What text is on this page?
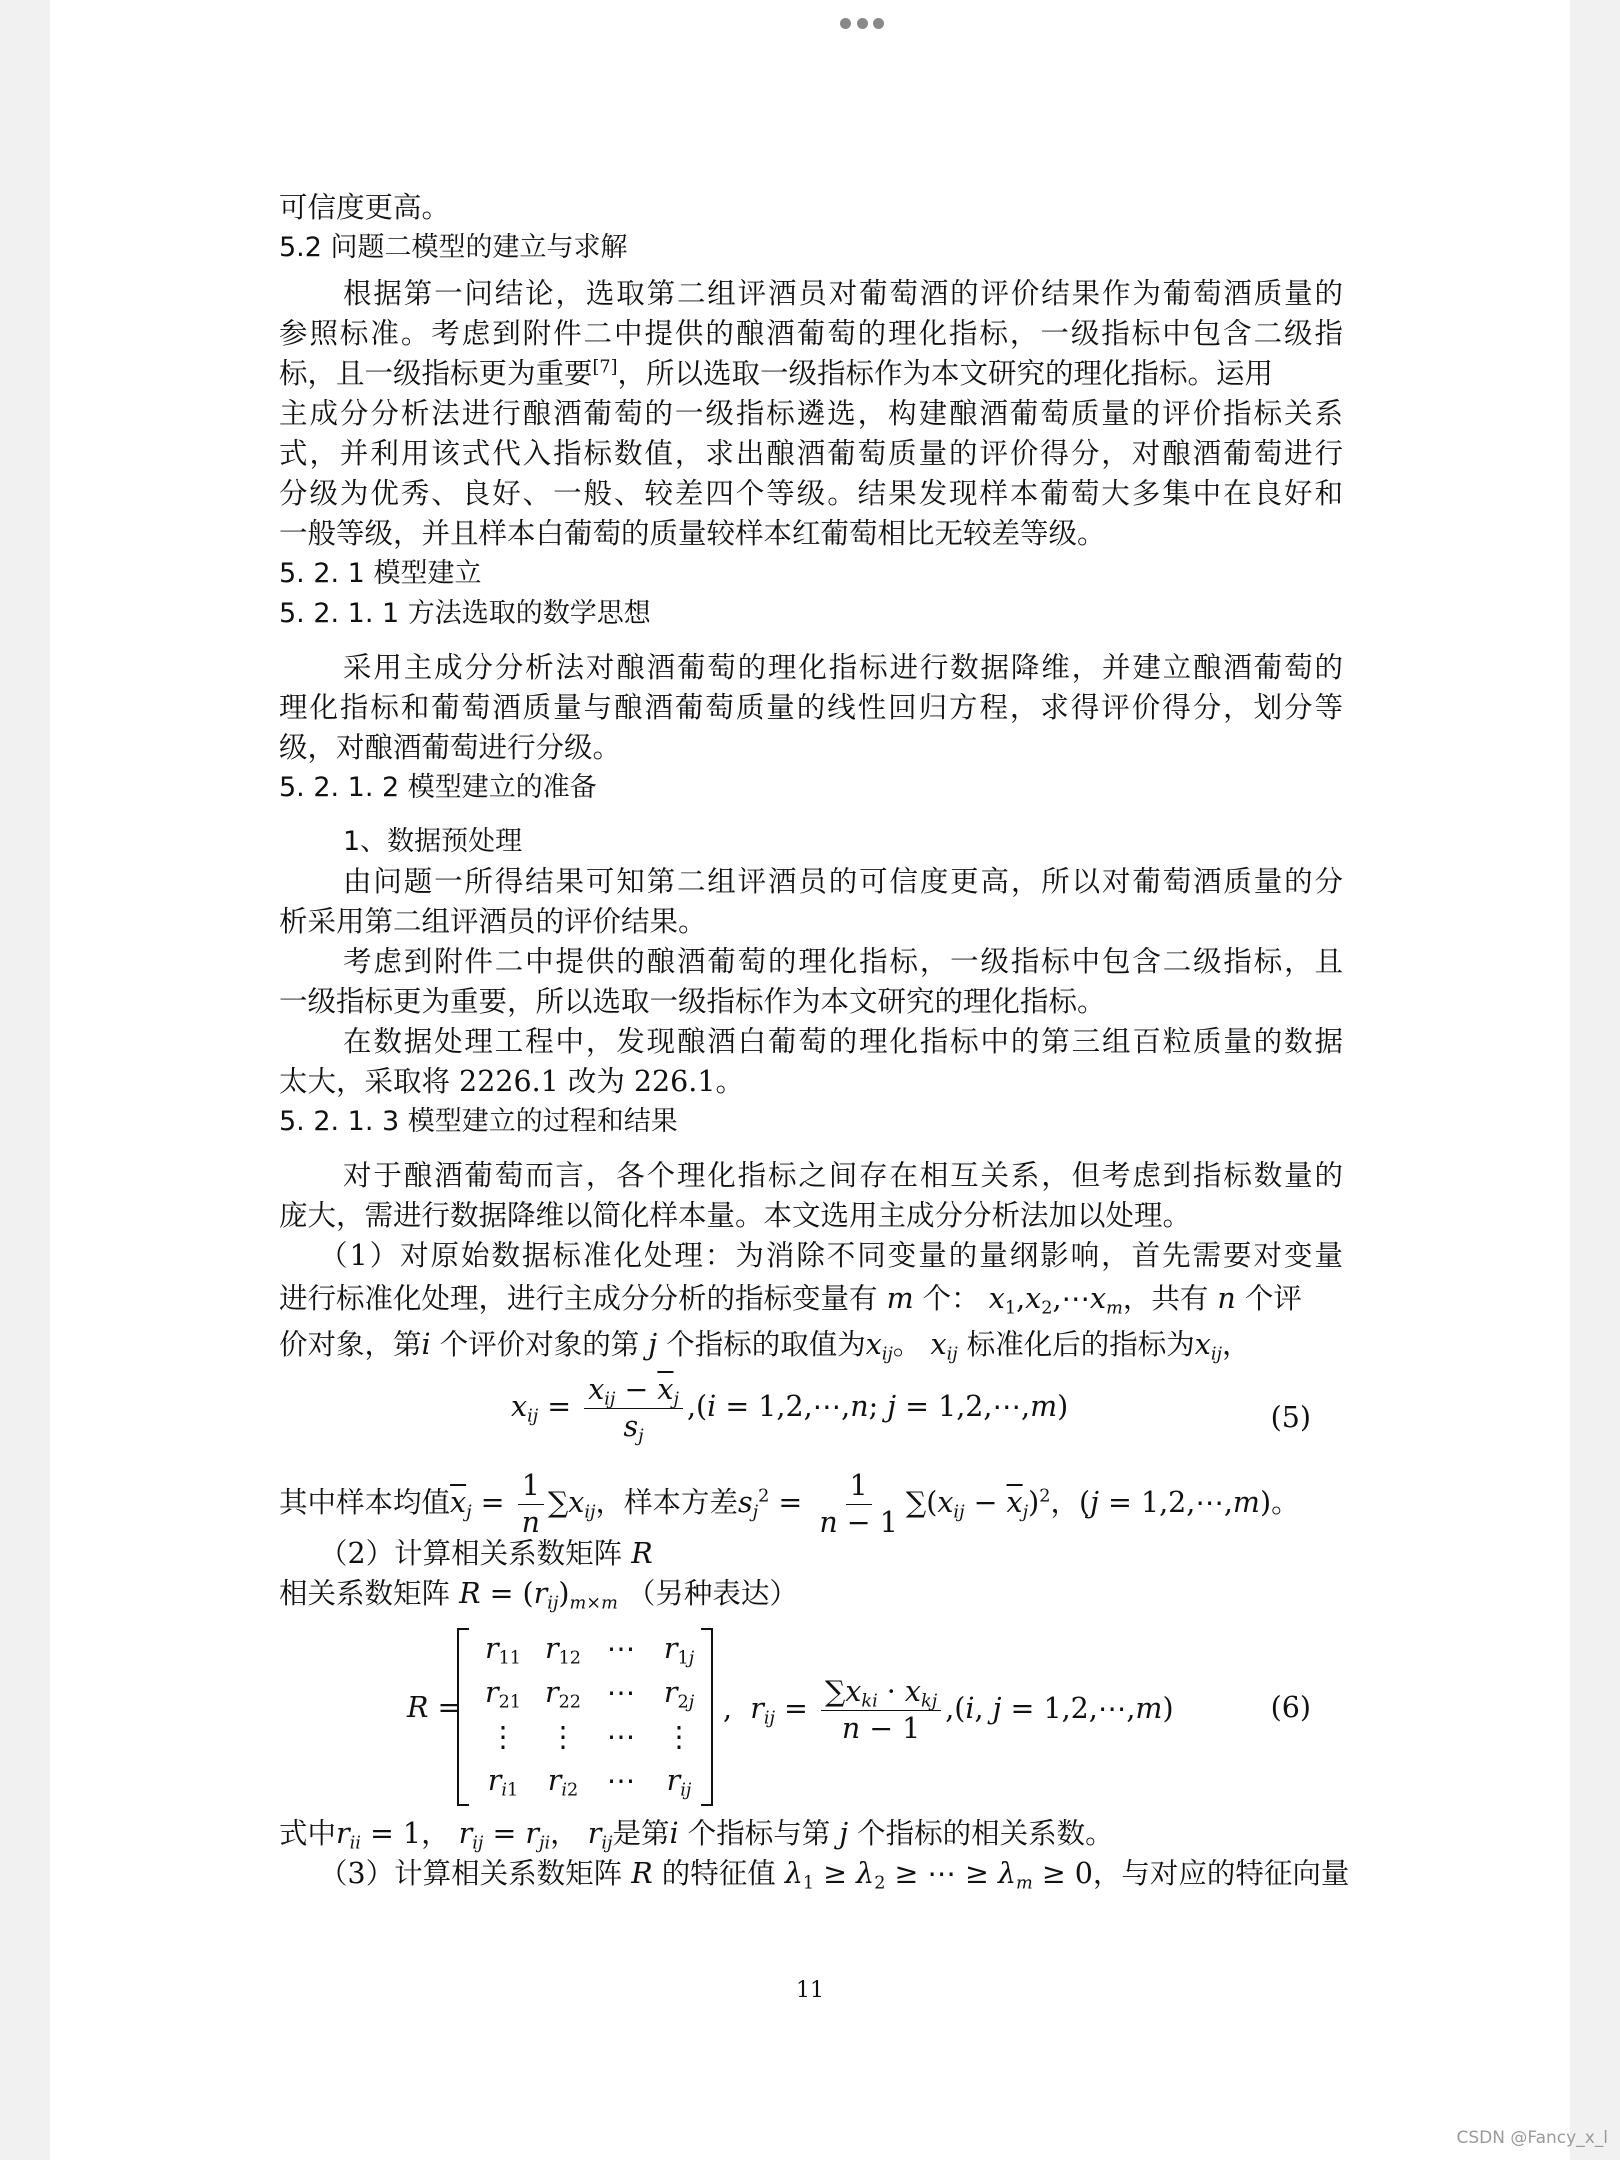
可信度更高。
5.2 问题二模型的建立与求解
根据第一问结论，选取第二组评酒员对葡萄酒的评价结果作为葡萄酒质量的
参照标准。考虑到附件二中提供的酿酒葡萄的理化指标，一级指标中包含二级指
标，且一级指标更为重要[7]，所以选取一级指标作为本文研究的理化指标。运用
主成分分析法进行酿酒葡萄的一级指标遴选，构建酿酒葡萄质量的评价指标关系
式，并利用该式代入指标数值，求出酿酒葡萄质量的评价得分，对酿酒葡萄进行
分级为优秀、良好、一般、较差四个等级。结果发现样本葡萄大多集中在良好和
一般等级，并且样本白葡萄的质量较样本红葡萄相比无较差等级。
5. 2. 1 模型建立
5. 2. 1. 1 方法选取的数学思想
采用主成分分析法对酿酒葡萄的理化指标进行数据降维，并建立酿酒葡萄的
理化指标和葡萄酒质量与酿酒葡萄质量的线性回归方程，求得评价得分，划分等
级，对酿酒葡萄进行分级。
5. 2. 1. 2 模型建立的准备
1、数据预处理
由问题一所得结果可知第二组评酒员的可信度更高，所以对葡萄酒质量的分
析采用第二组评酒员的评价结果。
考虑到附件二中提供的酿酒葡萄的理化指标，一级指标中包含二级指标，且
一级指标更为重要，所以选取一级指标作为本文研究的理化指标。
在数据处理工程中，发现酿酒白葡萄的理化指标中的第三组百粒质量的数据
太大，采取将 2226.1 改为 226.1。
5. 2. 1. 3 模型建立的过程和结果
对于酿酒葡萄而言，各个理化指标之间存在相互关系，但考虑到指标数量的
庞大，需进行数据降维以简化样本量。本文选用主成分分析法加以处理。
（1）对原始数据标准化处理：为消除不同变量的量纲影响，首先需要对变量
进行标准化处理，进行主成分分析的指标变量有 m 个： $x_1,x_2,\cdots x_m$，共有 n 个评
价对象，第i 个评价对象的第 j 个指标的取值为$x_{ij}$。 $x_{ij}$ 标准化后的指标为$x_{ij}$，
$x_{ij} = \frac{x_{ij} - \overline{x}_j}{s_j} ,(i$ = 1,2,⋯,n; j = 1,2,⋯,m)	(5)
其中样本均值$\overline{x}_j = \frac{1}{n} \sum x_{ij}$，样本方差$s_j^2 = \frac{1}{n - 1} \sum(x_{ij} - \overline{x}_j)^2$，(j = 1,2,⋯,m)。
（2）计算相关系数矩阵 R
相关系数矩阵 $R = (r_{ij})_{m\times m}$ （另种表达）
R =
$r_{11}$ $r_{12}$ ⋯	$r_{1j}$
$r_{21}$ $r_{22}$ ⋯	$r_{2j}$
⋮	⋮	⋯	⋮
$r_{i1}$	$r_{i2}$	⋯	$r_{ij}$
,  $r_{ij} = \frac{\sum x_{ki} \cdot x_{kj}}{n - 1} ,(i$, j = 1,2,⋯,m)	(6)
式中$r_{ii} = 1$， $r_{ij} = r_{ji}$， $r_{ij}$是第i 个指标与第 j 个指标的相关系数。
（3）计算相关系数矩阵 R 的特征值 $\lambda_1 \ge \lambda_2$ ≥ ⋯ ≥ $\lambda_m \ge 0$，与对应的特征向量
11
CSDN @Fancy_x_l
